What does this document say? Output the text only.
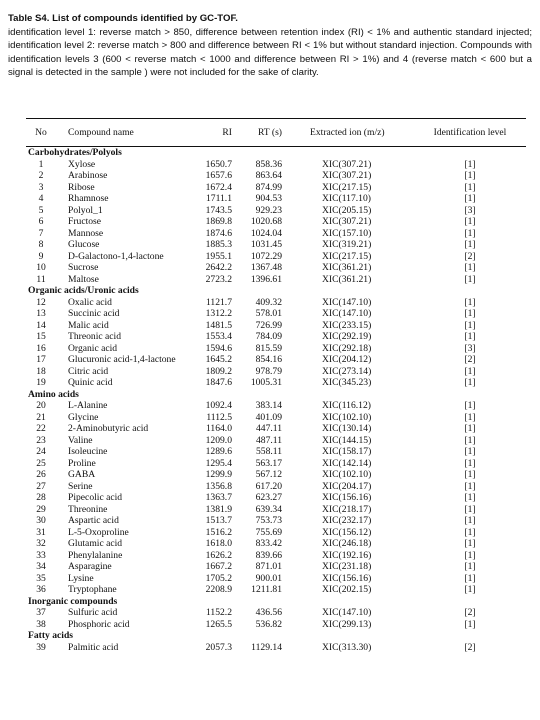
Table S4. List of compounds identified by GC-TOF.
identification level 1: reverse match > 850, difference between retention index (RI) < 1% and authentic standard injected; identification level 2: reverse match > 800 and difference between RI < 1% but without standard injection. Compounds with identification levels 3 (600 < reverse match < 1000 and difference between RI > 1%) and 4 (reverse match < 600 but a signal is detected in the sample ) were not included for the sake of clarity.
No	Compound name	RI	RT (s)	Extracted ion (m/z)	Identification level
Carbohydrates/Polyols
1	Xylose	1650.7	858.36	XIC(307.21)	[1]
2	Arabinose	1657.6	863.64	XIC(307.21)	[1]
3	Ribose	1672.4	874.99	XIC(217.15)	[1]
4	Rhamnose	1711.1	904.53	XIC(117.10)	[1]
5	Polyol_1	1743.5	929.23	XIC(205.15)	[3]
6	Fructose	1869.8	1020.68	XIC(307.21)	[1]
7	Mannose	1874.6	1024.04	XIC(157.10)	[1]
8	Glucose	1885.3	1031.45	XIC(319.21)	[1]
9	D-Galactono-1,4-lactone	1955.1	1072.29	XIC(217.15)	[2]
10	Sucrose	2642.2	1367.48	XIC(361.21)	[1]
11	Maltose	2723.2	1396.61	XIC(361.21)	[1]
Organic acids/Uronic acids
12	Oxalic acid	1121.7	409.32	XIC(147.10)	[1]
13	Succinic acid	1312.2	578.01	XIC(147.10)	[1]
14	Malic acid	1481.5	726.99	XIC(233.15)	[1]
15	Threonic acid	1553.4	784.09	XIC(292.19)	[1]
16	Organic acid	1594.6	815.59	XIC(292.18)	[3]
17	Glucuronic acid-1,4-lactone	1645.2	854.16	XIC(204.12)	[2]
18	Citric acid	1809.2	978.79	XIC(273.14)	[1]
19	Quinic acid	1847.6	1005.31	XIC(345.23)	[1]
Amino acids
20	L-Alanine	1092.4	383.14	XIC(116.12)	[1]
21	Glycine	1112.5	401.09	XIC(102.10)	[1]
22	2-Aminobutyric acid	1164.0	447.11	XIC(130.14)	[1]
23	Valine	1209.0	487.11	XIC(144.15)	[1]
24	Isoleucine	1289.6	558.11	XIC(158.17)	[1]
25	Proline	1295.4	563.17	XIC(142.14)	[1]
26	GABA	1299.9	567.12	XIC(102.10)	[1]
27	Serine	1356.8	617.20	XIC(204.17)	[1]
28	Pipecolic acid	1363.7	623.27	XIC(156.16)	[1]
29	Threonine	1381.9	639.34	XIC(218.17)	[1]
30	Aspartic acid	1513.7	753.73	XIC(232.17)	[1]
31	L-5-Oxoproline	1516.2	755.69	XIC(156.12)	[1]
32	Glutamic acid	1618.0	833.42	XIC(246.18)	[1]
33	Phenylalanine	1626.2	839.66	XIC(192.16)	[1]
34	Asparagine	1667.2	871.01	XIC(231.18)	[1]
35	Lysine	1705.2	900.01	XIC(156.16)	[1]
36	Tryptophane	2208.9	1211.81	XIC(202.15)	[1]
Inorganic compounds
37	Sulfuric acid	1152.2	436.56	XIC(147.10)	[2]
38	Phosphoric acid	1265.5	536.82	XIC(299.13)	[1]
Fatty acids
39	Palmitic acid	2057.3	1129.14	XIC(313.30)	[2]
